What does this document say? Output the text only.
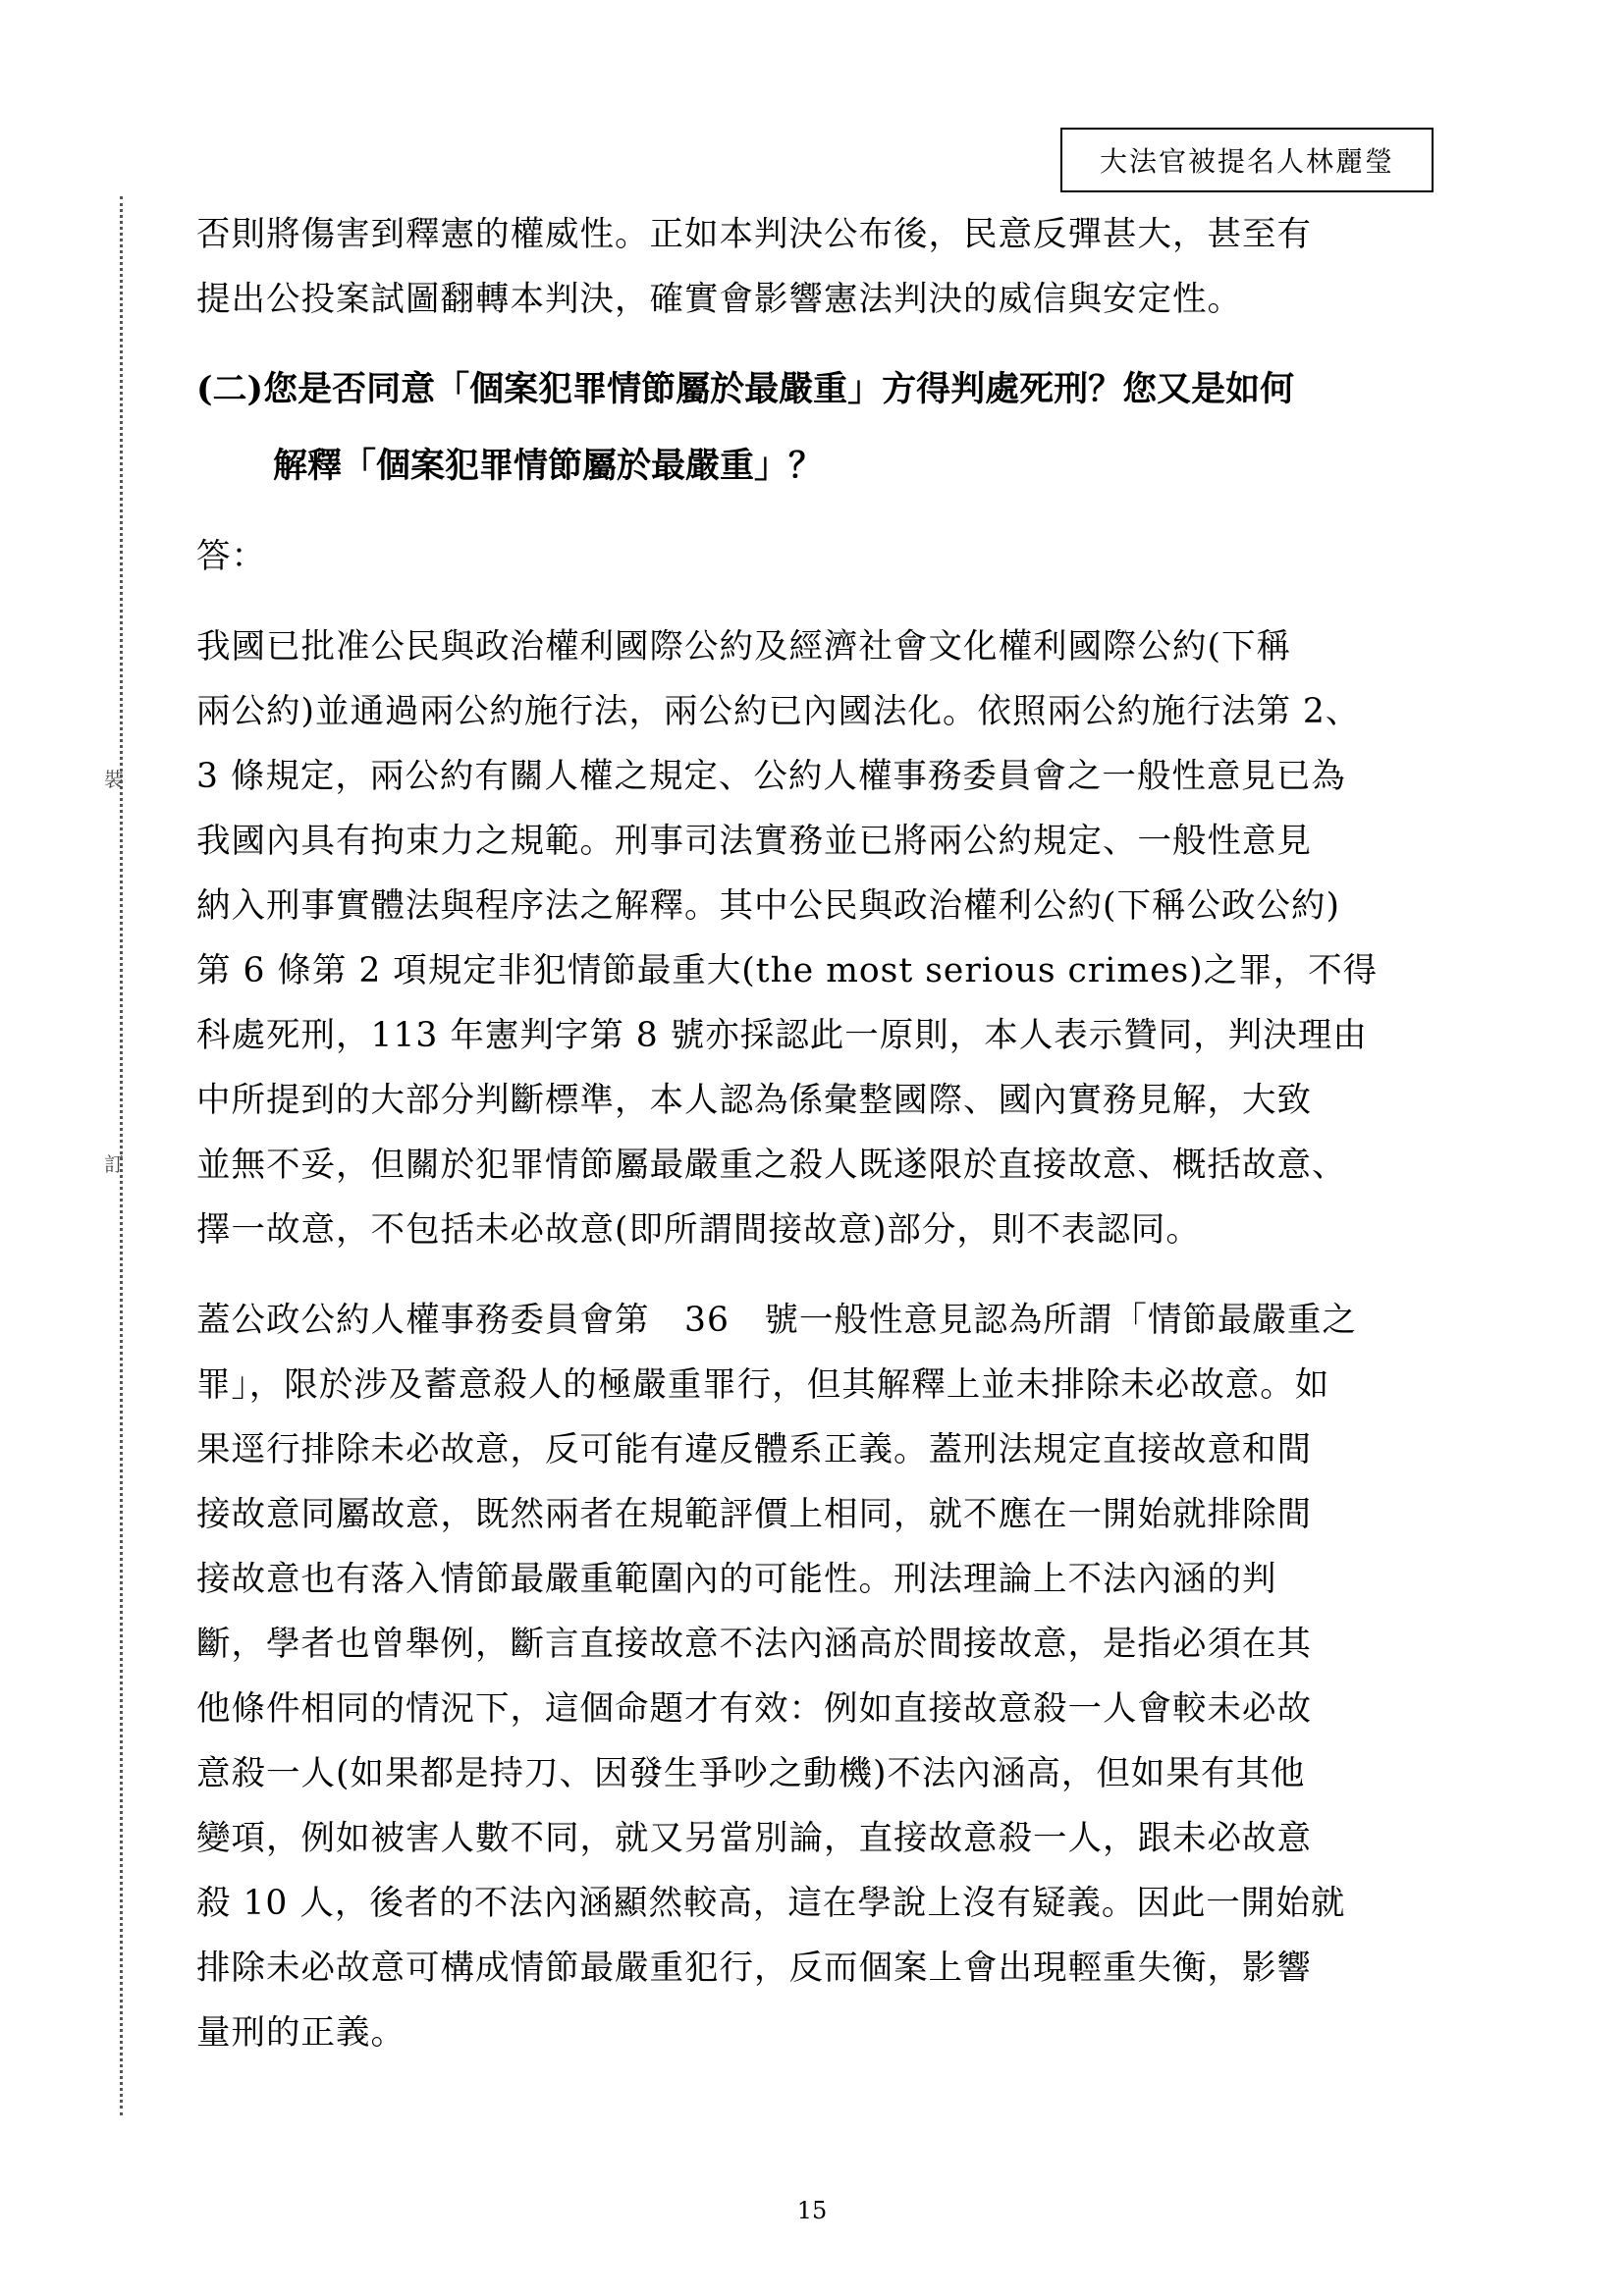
大法官被提名人林麗瑩
裝
訂
否則將傷害到釋憲的權威性。正如本判決公布後，民意反彈甚大，甚至有
提出公投案試圖翻轉本判決，確實會影響憲法判決的威信與安定性。
(二)您是否同意「個案犯罪情節屬於最嚴重」方得判處死刑？您又是如何
解釋「個案犯罪情節屬於最嚴重」？
答：
我國已批准公民與政治權利國際公約及經濟社會文化權利國際公約(下稱
兩公約)並通過兩公約施行法，兩公約已內國法化。依照兩公約施行法第 2、
3 條規定，兩公約有關人權之規定、公約人權事務委員會之一般性意見已為
我國內具有拘束力之規範。刑事司法實務並已將兩公約規定、一般性意見
納入刑事實體法與程序法之解釋。其中公民與政治權利公約(下稱公政公約)
第 6 條第 2 項規定非犯情節最重大(the most serious crimes)之罪，不得
科處死刑，113 年憲判字第 8 號亦採認此一原則，本人表示贊同，判決理由
中所提到的大部分判斷標準，本人認為係彙整國際、國內實務見解，大致
並無不妥，但關於犯罪情節屬最嚴重之殺人既遂限於直接故意、概括故意、
擇一故意，不包括未必故意(即所謂間接故意)部分，則不表認同。
蓋公政公約人權事務委員會第　36　號一般性意見認為所謂「情節最嚴重之
罪」，限於涉及蓄意殺人的極嚴重罪行，但其解釋上並未排除未必故意。如
果逕行排除未必故意，反可能有違反體系正義。蓋刑法規定直接故意和間
接故意同屬故意，既然兩者在規範評價上相同，就不應在一開始就排除間
接故意也有落入情節最嚴重範圍內的可能性。刑法理論上不法內涵的判
斷，學者也曾舉例，斷言直接故意不法內涵高於間接故意，是指必須在其
他條件相同的情況下，這個命題才有效：例如直接故意殺一人會較未必故
意殺一人(如果都是持刀、因發生爭吵之動機)不法內涵高，但如果有其他
變項，例如被害人數不同，就又另當別論，直接故意殺一人，跟未必故意
殺 10 人，後者的不法內涵顯然較高，這在學說上沒有疑義。因此一開始就
排除未必故意可構成情節最嚴重犯行，反而個案上會出現輕重失衡，影響
量刑的正義。
15
